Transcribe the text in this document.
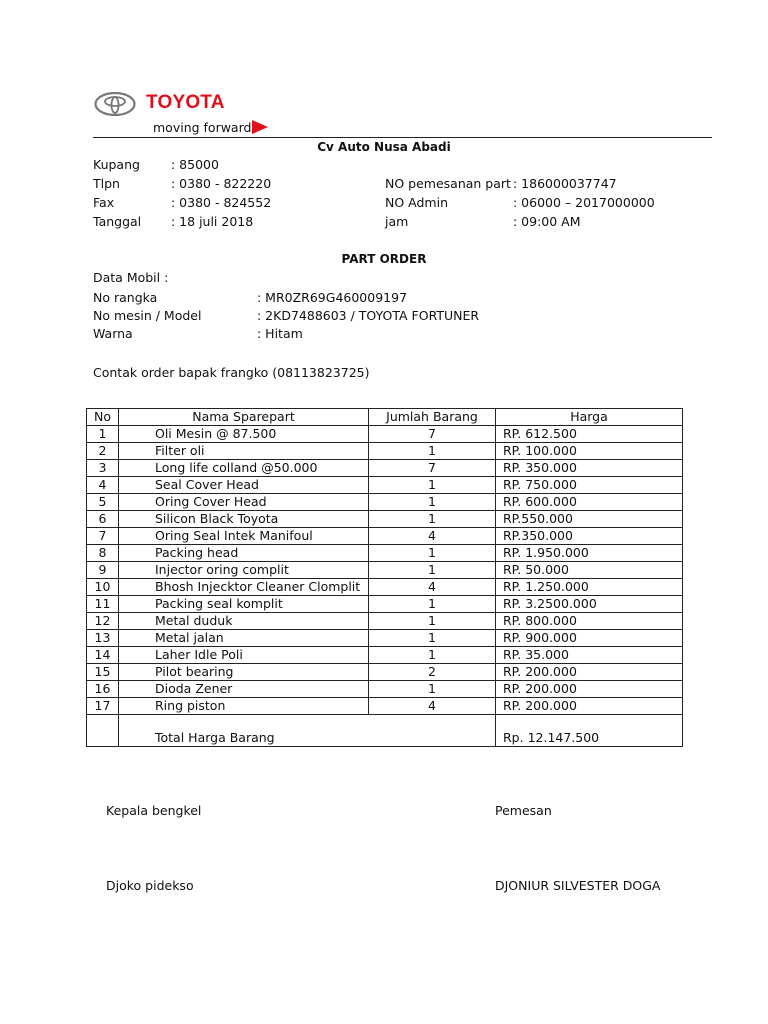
TOYOTA
moving forward
Cv Auto Nusa Abadi
Kupang : 85000
Tlpn	: 0380 - 822220
Fax	: 0380 - 824552
Tanggal : 18 juli 2018
NO pemesanan part : 186000037747
NO Admin	: 06000 – 2017000000
jam	: 09:00 AM
PART ORDER
Data Mobil :
No rangka	: MR0ZR69G460009197
No mesin / Model	: 2KD7488603 / TOYOTA FORTUNER
Warna	: Hitam
Contak order bapak frangko (08113823725)
No	Nama Sparepart	Jumlah Barang	Harga
1	Oli Mesin @ 87.500	7	RP. 612.500
2	Filter oli	1	RP. 100.000
3	Long life colland @50.000	7	RP. 350.000
4	Seal Cover Head	1	RP. 750.000
5	Oring Cover Head	1	RP. 600.000
6	Silicon Black Toyota	1	RP.550.000
7	Oring Seal Intek Manifoul	4	RP.350.000
8	Packing head	1	RP. 1.950.000
9	Injector oring complit	1	RP. 50.000
10	Bhosh Injecktor Cleaner Clomplit	4	RP. 1.250.000
11	Packing seal komplit	1	RP. 3.2500.000
12	Metal duduk	1	RP. 800.000
13	Metal jalan	1	RP. 900.000
14	Laher Idle Poli	1	RP. 35.000
15	Pilot bearing	2	RP. 200.000
16	Dioda Zener	1	RP. 200.000
17	Ring piston	4	RP. 200.000
	Total Harga Barang		Rp. 12.147.500
Kepala bengkel	Pemesan
Djoko pidekso	DJONIUR SILVESTER DOGA
